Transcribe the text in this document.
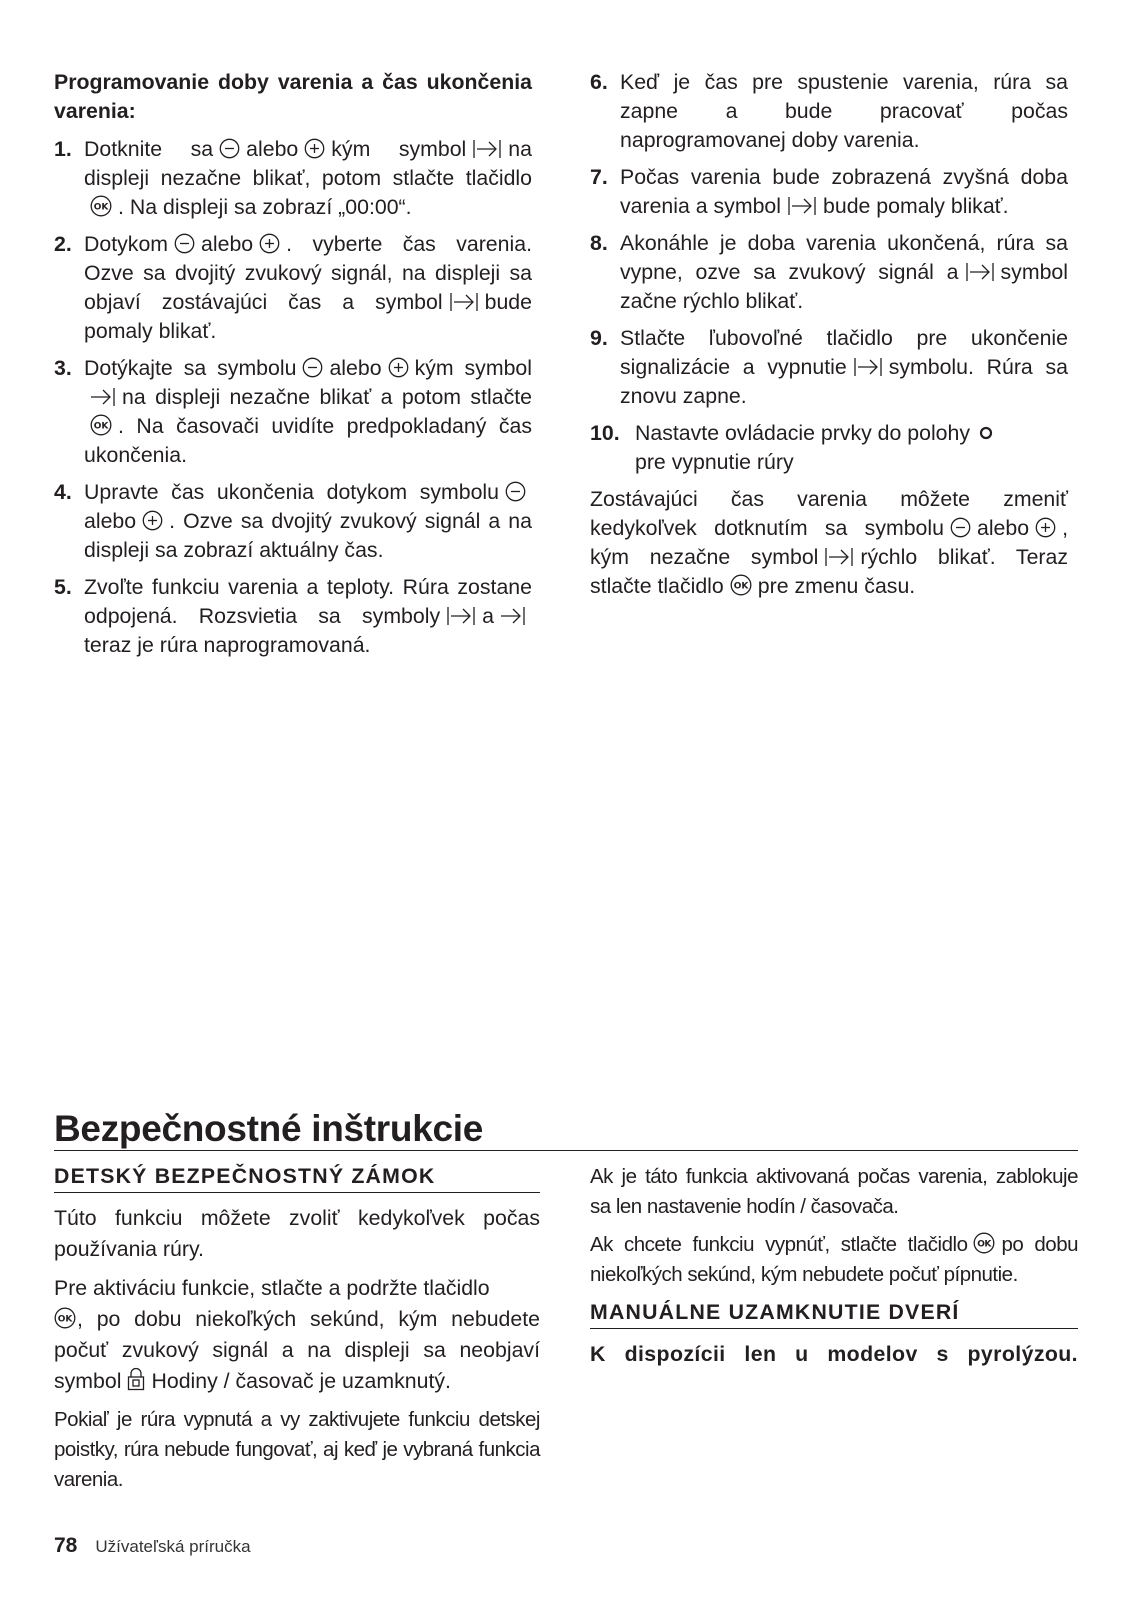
Programovanie doby varenia a čas ukončenia varenia:
1. Dotknite sa alebo kým symbol na displeji nezačne blikať, potom stlačte tlačidlo
OK . Na displeji sa zobrazí „00:00“.
2. Dotykom alebo . vyberte čas varenia. Ozve sa dvojitý zvukový signál, na displeji sa objaví zostávajúci čas a symbol bude pomaly blikať.
3. Dotýkajte sa symbolu alebo kým symbol
na displeji nezačne blikať a potom stlačte
OK . Na časovači uvidíte predpokladaný čas ukončenia.
4. Upravte čas ukončenia dotykom symbolu
alebo . Ozve sa dvojitý zvukový signál a na displeji sa zobrazí aktuálny čas.
5. Zvoľte funkciu varenia a teploty. Rúra zostane odpojená. Rozsvietia sa symboly a
teraz je rúra naprogramovaná.
6. Keď je čas pre spustenie varenia, rúra sa zapne a bude pracovať počas naprogramovanej doby varenia.
7. Počas varenia bude zobrazená zvyšná doba varenia a symbol bude pomaly blikať.
8. Akonáhle je doba varenia ukončená, rúra sa vypne, ozve sa zvukový signál a symbol začne rýchlo blikať.
9. Stlačte ľubovoľné tlačidlo pre ukončenie signalizácie a vypnutie symbolu. Rúra sa znovu zapne.
10. Nastavte ovládacie prvky do polohy

pre vypnutie rúry

Zostávajúci čas varenia môžete zmeniť kedykoľvek dotknutím sa symbolu alebo , kým nezačne symbol rýchlo blikať. Teraz stlačte tlačidlo OK pre zmenu času.

Bezpečnostné inštrukcie
DETSKÝ BEZPEČNOSTNÝ ZÁMOK

Túto funkciu môžete zvoliť kedykoľvek počas používania rúry.

Pre aktiváciu funkcie, stlačte a podržte tlačidlo

OK , po dobu niekoľkých sekúnd, kým nebudete počuť zvukový signál a na displeji sa neobjaví symbol Hodiny / časovač je uzamknutý.

Pokiaľ je rúra vypnutá a vy zaktivujete funkciu detskej poistky, rúra nebude fungovať, aj keď je vybraná funkcia varenia.

Ak je táto funkcia aktivovaná počas varenia, zablokuje sa len nastavenie hodín / časovača.

Ak chcete funkciu vypnúť, stlačte tlačidlo OK po dobu niekoľkých sekúnd, kým nebudete počuť pípnutie.

MANUÁLNE UZAMKNUTIE DVERÍ
K dispozícii len u modelov s pyrolýzou.
78 Užívateľská príručka
